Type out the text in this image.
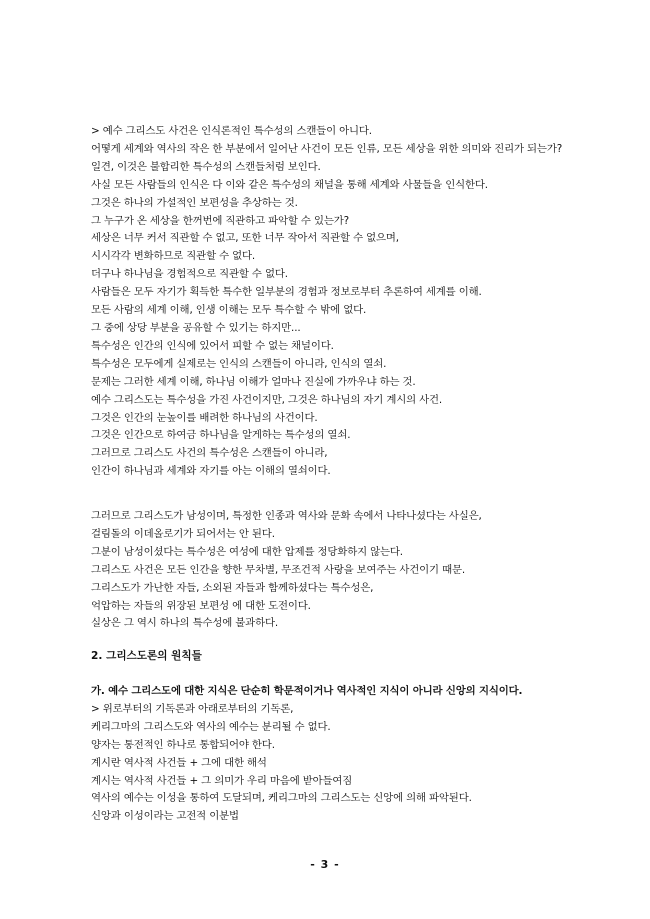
> 예수 그리스도 사건은 인식론적인 특수성의 스캔들이 아니다.

어떻게 세계와 역사의 작은 한 부분에서 일어난 사건이 모든 인류, 모든 세상을 위한 의미와 진리가 되는가?

일견, 이것은 불합리한 특수성의 스캔들처럼 보인다.

사실 모든 사람들의 인식은 다 이와 같은 특수성의 채널을 통해 세계와 사물들을 인식한다.

그것은 하나의 가설적인 보편성을 추상하는 것.

그 누구가 온 세상을 한꺼번에 직관하고 파악할 수 있는가?

세상은 너무 커서 직관할 수 없고, 또한 너무 작아서 직관할 수 없으며,

시시각각 변화하므로 직관할 수 없다.

더구나 하나님을 경험적으로 직관할 수 없다.

사람들은 모두 자기가 획득한 특수한 일부분의 경험과 정보로부터 추론하여 세계를 이해.

모든 사람의 세계 이해, 인생 이해는 모두 특수할 수 밖에 없다.

그 중에 상당 부분을 공유할 수 있기는 하지만...

특수성은 인간의 인식에 있어서 피할 수 없는 채널이다.

특수성은 모두에게 실제로는 인식의 스캔들이 아니라, 인식의 열쇠.

문제는 그러한 세계 이해, 하나님 이해가 얼마나 진실에 가까우냐 하는 것.

예수 그리스도는 특수성을 가진 사건이지만, 그것은 하나님의 자기 계시의 사건.

그것은 인간의 눈높이를 배려한 하나님의 사건이다.

그것은 인간으로 하여금 하나님을 알게하는 특수성의 열쇠.

그러므로 그리스도 사건의 특수성은 스캔들이 아니라,

인간이 하나님과 세계와 자기를 아는 이해의 열쇠이다.

그러므로 그리스도가 남성이며, 특정한 인종과 역사와 문화 속에서 나타나셨다는 사실은,

걸림돌의 이데올로기가 되어서는 안 된다.

그분이 남성이셨다는 특수성은 여성에 대한 압제를 정당화하지 않는다.

그리스도 사건은 모든 인간을 향한 무차별, 무조건적 사랑을 보여주는 사건이기 때문.

그리스도가 가난한 자들, 소외된 자들과 함께하셨다는 특수성은,

억압하는 자들의 위장된 보편성 에 대한 도전이다.

실상은 그 역시 하나의 특수성에 불과하다.

2. 그리스도론의 원칙들

가. 예수 그리스도에 대한 지식은 단순히 학문적이거나 역사적인 지식이 아니라 신앙의 지식이다.

> 위로부터의 기독론과 아래로부터의 기독론,

케리그마의 그리스도와 역사의 예수는 분리될 수 없다.

양자는 통전적인 하나로 통합되어야 한다.

계시란 역사적 사건들 + 그에 대한 해석

계시는 역사적 사건들 + 그 의미가 우리 마음에 받아들여짐

역사의 예수는 이성을 통하여 도달되며, 케리그마의 그리스도는 신앙에 의해 파악된다.

신앙과 이성이라는 고전적 이분법

- 3 -
